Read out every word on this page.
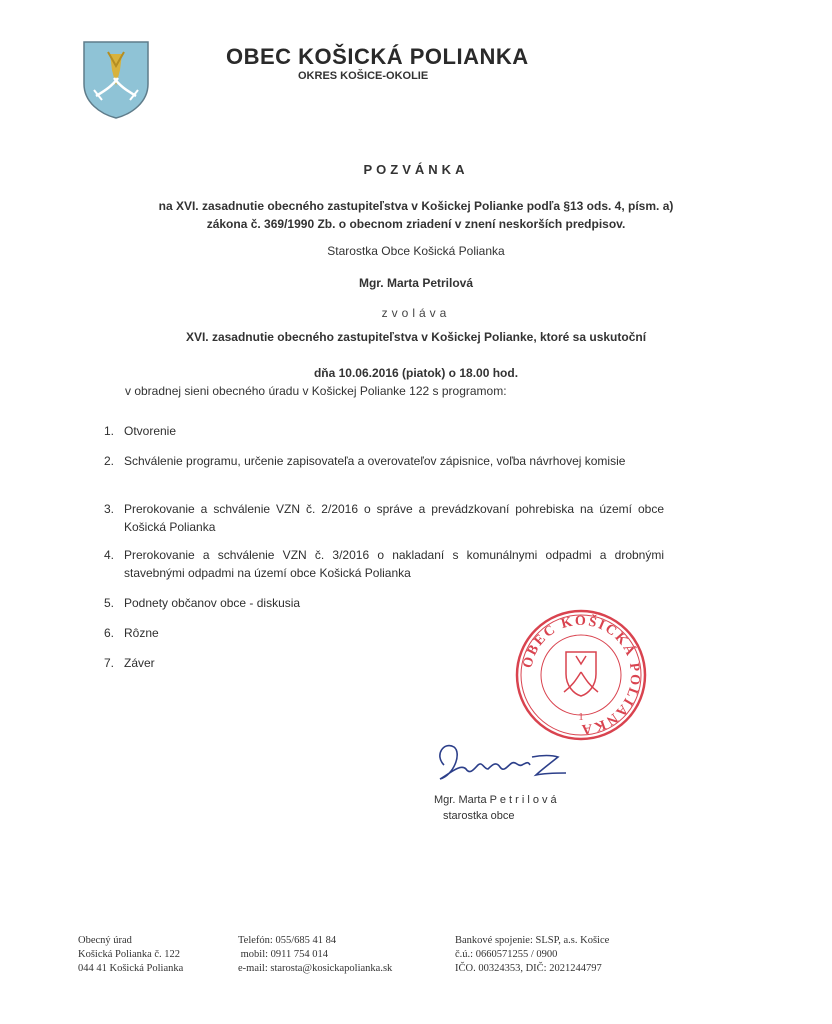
OBEC KOŠICKÁ POLIANKA
OKRES KOŠICE-OKOLIE
POZVÁNKA
na XVI. zasadnutie obecného zastupiteľstva v Košickej Polianke podľa §13 ods. 4, písm. a)
zákona č. 369/1990 Zb. o obecnom zriadení v znení neskorších predpisov.
Starostka Obce Košická Polianka
Mgr. Marta Petrilová
zvoláva
XVI. zasadnutie obecného zastupiteľstva v Košickej Polianke, ktoré sa uskutoční
dňa 10.06.2016 (piatok) o 18.00 hod.
v obradnej sieni obecného úradu v Košickej Polianke 122 s programom:
1. Otvorenie
2. Schválenie programu, určenie zapisovateľa a overovateľov zápisnice, voľba návrhovej komisie
3. Prerokovanie a schválenie VZN č. 2/2016 o správe a prevádzkovaní pohrebiska na území obce Košická Polianka
4. Prerokovanie a schválenie VZN č. 3/2016 o nakladaní s komunálnymi odpadmi a drobnými stavebnými odpadmi na území obce Košická Polianka
5. Podnety občanov obce - diskusia
6. Rôzne
7. Záver	OBEC KOŠICKÁ POLIANKA
1
Mgr. Marta P e t r i l o v á
starostka obce
Obecný úrad
Košická Polianka č. 122
044 41 Košická Polianka
Telefón: 055/685 41 84
mobil: 0911 754 014
e-mail: starosta@kosickapolianka.sk
Bankové spojenie: SLSP, a.s. Košice
č.ú.: 0660571255 / 0900
IČO. 00324353, DIČ: 2021244797
